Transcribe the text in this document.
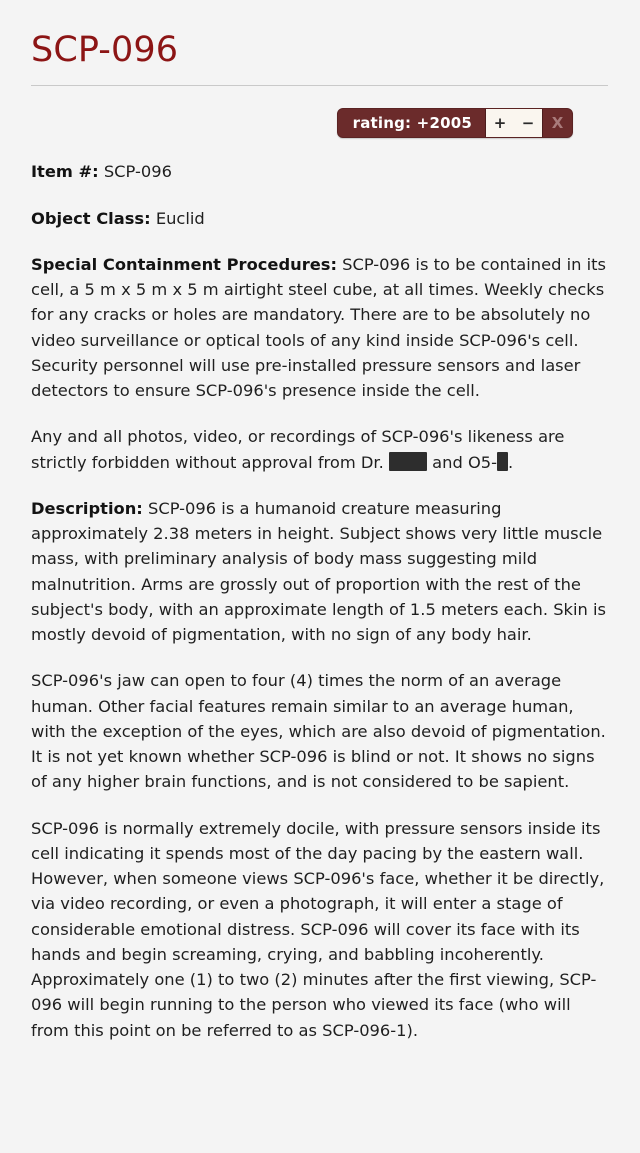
SCP-096
rating: +2005	+	−	X

Item #: SCP-096

Object Class: Euclid

Special Containment Procedures: SCP-096 is to be contained in its cell, a 5 m x 5 m x 5 m airtight steel cube, at all times. Weekly checks for any cracks or holes are mandatory. There are to be absolutely no video surveillance or optical tools of any kind inside SCP-096's cell. Security personnel will use pre-installed pressure sensors and laser detectors to ensure SCP-096's presence inside the cell.

Any and all photos, video, or recordings of SCP-096's likeness are strictly forbidden without approval from Dr.  and O5- .

Description: SCP-096 is a humanoid creature measuring approximately 2.38 meters in height. Subject shows very little muscle mass, with preliminary analysis of body mass suggesting mild malnutrition. Arms are grossly out of proportion with the rest of the subject's body, with an approximate length of 1.5 meters each. Skin is mostly devoid of pigmentation, with no sign of any body hair.

SCP-096's jaw can open to four (4) times the norm of an average human. Other facial features remain similar to an average human, with the exception of the eyes, which are also devoid of pigmentation. It is not yet known whether SCP-096 is blind or not. It shows no signs of any higher brain functions, and is not considered to be sapient.

SCP-096 is normally extremely docile, with pressure sensors inside its cell indicating it spends most of the day pacing by the eastern wall. However, when someone views SCP-096's face, whether it be directly, via video recording, or even a photograph, it will enter a stage of considerable emotional distress. SCP-096 will cover its face with its hands and begin screaming, crying, and babbling incoherently. Approximately one (1) to two (2) minutes after the first viewing, SCP-096 will begin running to the person who viewed its face (who will from this point on be referred to as SCP-096-1).
